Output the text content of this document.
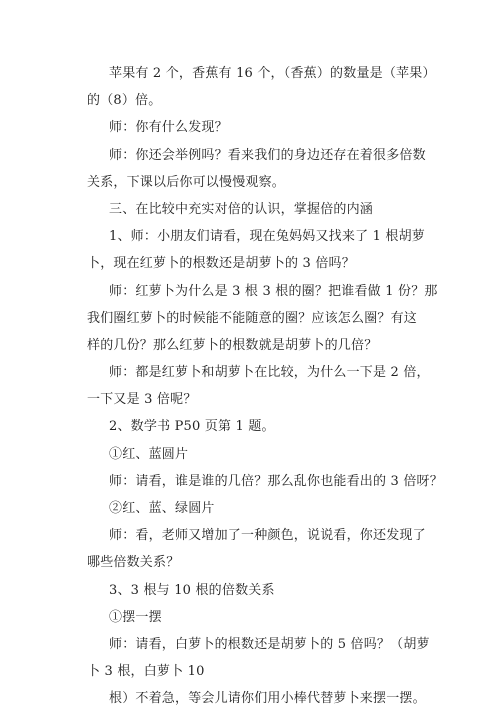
苹果有 2 个，香蕉有 16 个，（香蕉）的数量是（苹果）
的（8）倍。
师：你有什么发现？
师：你还会举例吗？看来我们的身边还存在着很多倍数
关系，下课以后你可以慢慢观察。
三、在比较中充实对倍的认识，掌握倍的内涵
1、师：小朋友们请看，现在兔妈妈又找来了 1 根胡萝
卜，现在红萝卜的根数还是胡萝卜的 3 倍吗？
师：红萝卜为什么是 3 根 3 根的圈？把谁看做 1 份？那
我们圈红萝卜的时候能不能随意的圈？应该怎么圈？有这
样的几份？那么红萝卜的根数就是胡萝卜的几倍？
师：都是红萝卜和胡萝卜在比较，为什么一下是 2 倍，
一下又是 3 倍呢？
2、数学书 P50 页第 1 题。
①红、蓝圆片
师：请看，谁是谁的几倍？那么乱你也能看出的 3 倍呀？
②红、蓝、绿圆片
师：看，老师又增加了一种颜色，说说看，你还发现了
哪些倍数关系？
3、3 根与 10 根的倍数关系
①摆一摆
师：请看，白萝卜的根数还是胡萝卜的 5 倍吗？（胡萝
卜 3 根，白萝卜 10
根）不着急，等会儿请你们用小棒代替萝卜来摆一摆。
